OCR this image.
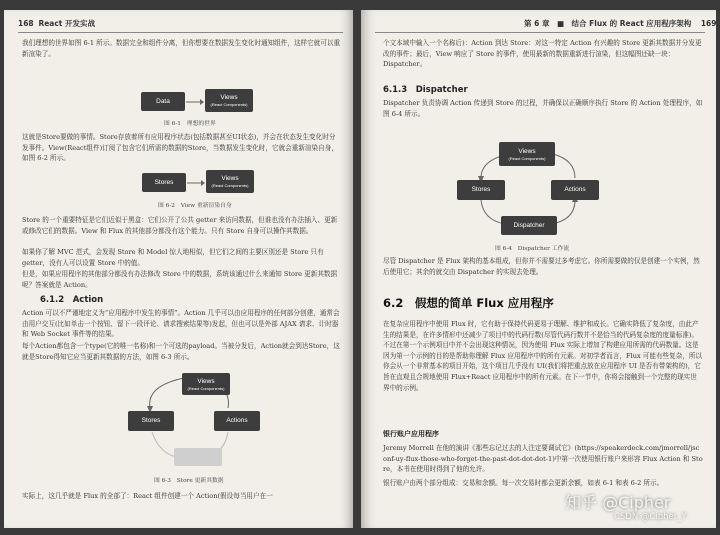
168 React 开发实战

我们理想的世界如图 6-1 所示。数据完全和组件分离，但你想要在数据发生变化时通知组件，这样它就可以重新渲染了。

Data	Views
(React Components)

图 6-1　理想的世界

这就是Store要做的事情。Store存放着所有应用程序状态(包括数据甚至UI状态)，并会在状态发生变化时分发事件。View(React组件)订阅了包含它们所需的数据的Store，当数据发生变化时，它就会重新渲染自身，如图 6-2 所示。

Stores	Views
(React Components)

图 6-2　View 重新渲染自身

Store 的一个重要特征是它们近似于黑盒：它们公开了公共 getter 来访问数据，但谁也没有办法插入、更新或修改它们的数据。View 和 Flux 的其他部分都没有这个能力。只有 Store 自身可以操作其数据。

如果你了解 MVC 范式，会发现 Store 和 Model 惊人地相似，但它们之间的主要区别还是 Store 只有 getter，没有人可以设置 Store 中的值。

但是，如果应用程序的其他部分都没有办法修改 Store 中的数据，系统该通过什么来通知 Store 更新其数据呢？答案就是 Action。

6.1.2　Action

Action 可以不严谨地定义为“应用程序中发生的事情”。Action 几乎可以由应用程序的任何部分创建，通常会由用户交互(比如单击一个按钮、留下一段评论、请求搜索结果等)发起，但也可以是外部 AJAX 请求、计时器和 Web Socket 事件等的结果。

每个Action都包含一个type(它的唯一名称)和一个可选的payload。当被分发后，Action就会到达Store，这就是Store得知它应当更新其数据的方法，如图 6-3 所示。

Views
(React Components)
Stores	Actions

图 6-3　Store 更新其数据

实际上，这几乎就是 Flux 的全部了：React 组件创建一个 Action(假设每当用户在一

第 6 章　■　结合 Flux 的 React 应用程序架构 169

个文本域中输入一个名称后)：Action 到达 Store：对这一特定 Action 有兴趣的 Store 更新其数据并分发更改的事件；最后，View 响应了 Store 的事件，使用最新的数据重新进行渲染，但这幅图还缺一块：Dispatcher。

6.1.3　Dispatcher

Dispatcher 负责协调 Action 传递到 Store 的过程，并确保以正确顺序执行 Store 的 Action 处理程序，如图 6-4 所示。

Views
(React Components)
Stores	Actions
Dispatcher

图 6-4　Dispatcher 工作流

尽管 Dispatcher 是 Flux 架构的基本组成，但你并不需要过多考虑它。你所需要做的仅是创建一个实例，然后使用它；其余的就交由 Dispatcher 的实现去处理。

6.2　假想的简单 Flux 应用程序

在复杂应用程序中使用 Flux 时，它有助于保持代码更易于理解、维护和成长。它确实降低了复杂度，由此产生的结果是，在许多情形中还减少了项目中的代码行数(尽管代码行数并不是恰当的代码复杂度的度量标准)。不过在第一个示例项目中并不会出现这种情况，因为使用 Flux 实际上增加了构建应用所需的代码数量。这是因为第一个示例的目的是帮助你理解 Flux 应用程序中的所有元素。对初学者而言，Flux 可能有些复杂，所以你会从一个非常基本的项目开始，这个项目几乎没有 UI(我们将把重点放在应用程序 UI 是否有带架构的)，它旨在直观且合规地使用 Flux+React 应用程序中的所有元素。在下一节中，你将会接触到一个完整的现实世界中的示例。

银行账户应用程序

Jeremy Morrell 在他的演讲《那些忘记过去的人注定要调试它》(https://speakerdeck.com/jmorrell/jsconf-uy-flux-those-who-forget-the-past-dot-dot-dot-1)中第一次使用银行账户来形容 Flux Action 和 Store，本书在使用时得到了他的允许。

银行账户由两个部分组成：交易和余额。每一次交易时都会更新余额，如表 6-1 和表 6-2 所示。

知乎 @Cipher
CSDN @Cipher_Y
